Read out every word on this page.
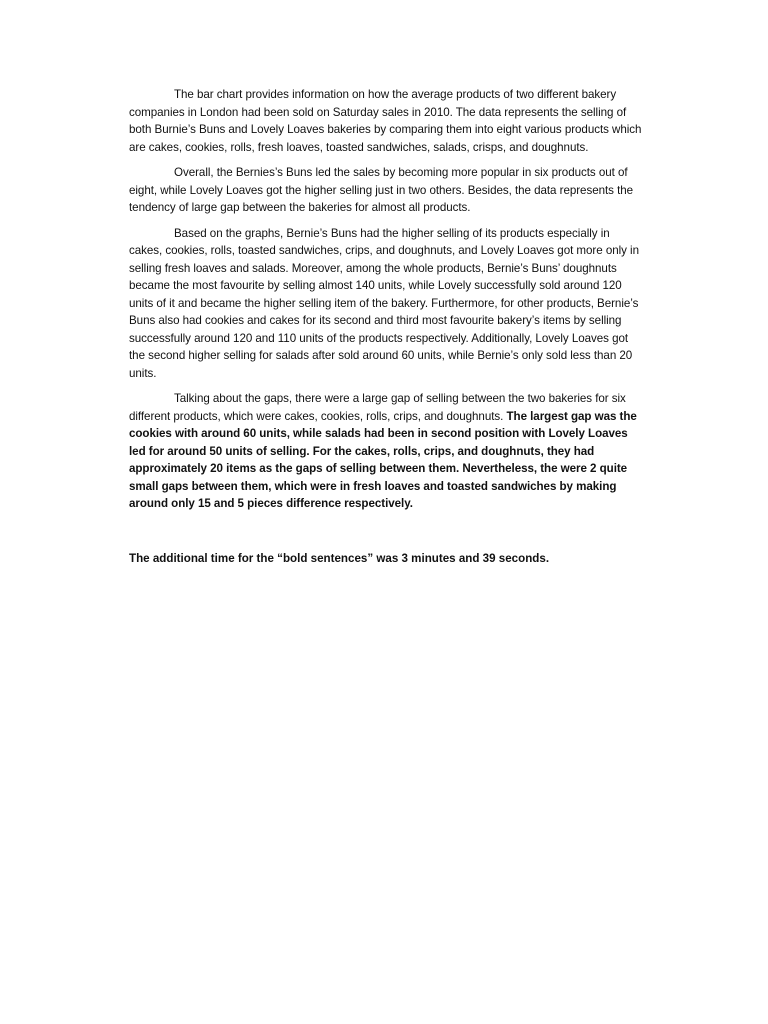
The bar chart provides information on how the average products of two different bakery companies in London had been sold on Saturday sales in 2010. The data represents the selling of both Burnie’s Buns and Lovely Loaves bakeries by comparing them into eight various products which are cakes, cookies, rolls, fresh loaves, toasted sandwiches, salads, crisps, and doughnuts.

Overall, the Bernies’s Buns led the sales by becoming more popular in six products out of eight, while Lovely Loaves got the higher selling just in two others. Besides, the data represents the tendency of large gap between the bakeries for almost all products.

Based on the graphs, Bernie’s Buns had the higher selling of its products especially in cakes, cookies, rolls, toasted sandwiches, crips, and doughnuts, and Lovely Loaves got more only in selling fresh loaves and salads. Moreover, among the whole products, Bernie’s Buns’ doughnuts became the most favourite by selling almost 140 units, while Lovely successfully sold around 120 units of it and became the higher selling item of the bakery. Furthermore, for other products, Bernie’s Buns also had cookies and cakes for its second and third most favourite bakery’s items by selling successfully around 120 and 110 units of the products respectively. Additionally, Lovely Loaves got the second higher selling for salads after sold around 60 units, while Bernie’s only sold less than 20 units.

Talking about the gaps, there were a large gap of selling between the two bakeries for six different products, which were cakes, cookies, rolls, crips, and doughnuts. The largest gap was the cookies with around 60 units, while salads had been in second position with Lovely Loaves led for around 50 units of selling. For the cakes, rolls, crips, and doughnuts, they had approximately 20 items as the gaps of selling between them. Nevertheless, the were 2 quite small gaps between them, which were in fresh loaves and toasted sandwiches by making around only 15 and 5 pieces difference respectively.

The additional time for the “bold sentences” was 3 minutes and 39 seconds.
